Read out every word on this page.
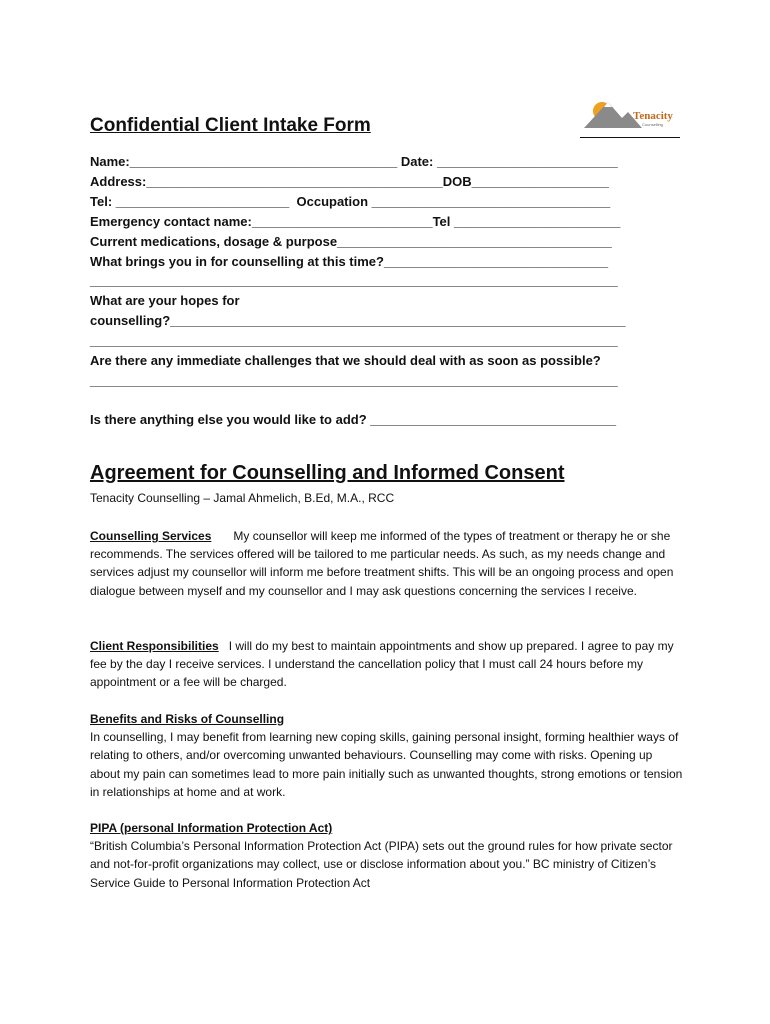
Tenacity
Counselling
Confidential Client Intake Form
Name:_____________________________________ Date: _________________________
Address:_________________________________________DOB___________________
Tel: ________________________  Occupation _________________________________
Emergency contact name:_________________________Tel _______________________
Current medications, dosage & purpose______________________________________
What brings you in for counselling at this time?_______________________________
_________________________________________________________________________
What are your hopes for
counselling?_______________________________________________________________
_________________________________________________________________________
Are there any immediate challenges that we should deal with as soon as possible?
_________________________________________________________________________
Is there anything else you would like to add? __________________________________
Agreement for Counselling and Informed Consent
Tenacity Counselling – Jamal Ahmelich, B.Ed, M.A., RCC
Counselling Services My counsellor will keep me informed of the types of treatment or therapy he or she recommends. The services offered will be tailored to me particular needs. As such, as my needs change and services adjust my counsellor will inform me before treatment shifts. This will be an ongoing process and open dialogue between myself and my counsellor and I may ask questions concerning the services I receive.
Client Responsibilities I will do my best to maintain appointments and show up prepared. I agree to pay my fee by the day I receive services. I understand the cancellation policy that I must call 24 hours before my appointment or a fee will be charged.
Benefits and Risks of Counselling
In counselling, I may benefit from learning new coping skills, gaining personal insight, forming healthier ways of relating to others, and/or overcoming unwanted behaviours. Counselling may come with risks. Opening up about my pain can sometimes lead to more pain initially such as unwanted thoughts, strong emotions or tension in relationships at home and at work.
PIPA (personal Information Protection Act)
“British Columbia’s Personal Information Protection Act (PIPA) sets out the ground rules for how private sector and not-for-profit organizations may collect, use or disclose information about you.” BC ministry of Citizen’s Service Guide to Personal Information Protection Act
